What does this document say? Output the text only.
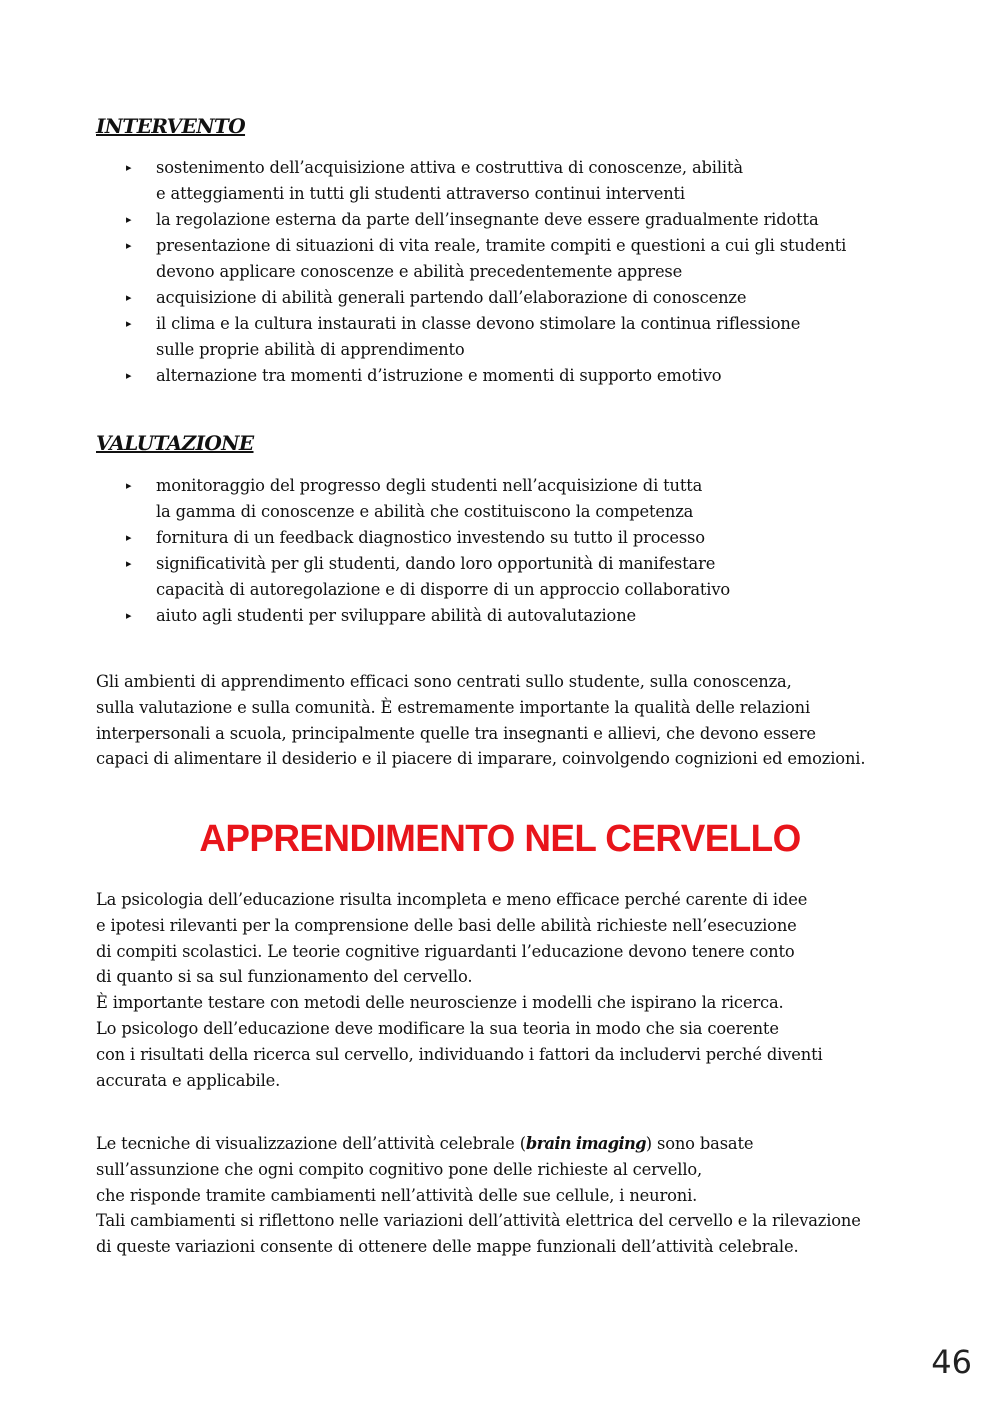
INTERVENTO
▸ sostenimento dell’acquisizione attiva e costruttiva di conoscenze, abilità
e atteggiamenti in tutti gli studenti attraverso continui interventi
▸ la regolazione esterna da parte dell’insegnante deve essere gradualmente ridotta
▸ presentazione di situazioni di vita reale, tramite compiti e questioni a cui gli studenti
devono applicare conoscenze e abilità precedentemente apprese
▸ acquisizione di abilità generali partendo dall’elaborazione di conoscenze
▸ il clima e la cultura instaurati in classe devono stimolare la continua riflessione
sulle proprie abilità di apprendimento
▸ alternazione tra momenti d’istruzione e momenti di supporto emotivo
VALUTAZIONE
▸ monitoraggio del progresso degli studenti nell’acquisizione di tutta
la gamma di conoscenze e abilità che costituiscono la competenza
▸ fornitura di un feedback diagnostico investendo su tutto il processo
▸ significatività per gli studenti, dando loro opportunità di manifestare
capacità di autoregolazione e di disporre di un approccio collaborativo
▸ aiuto agli studenti per sviluppare abilità di autovalutazione

Gli ambienti di apprendimento efficaci sono centrati sullo studente, sulla conoscenza,
sulla valutazione e sulla comunità. È estremamente importante la qualità delle relazioni
interpersonali a scuola, principalmente quelle tra insegnanti e allievi, che devono essere
capaci di alimentare il desiderio e il piacere di imparare, coinvolgendo cognizioni ed emozioni.

APPRENDIMENTO NEL CERVELLO

La psicologia dell’educazione risulta incompleta e meno efficace perché carente di idee
e ipotesi rilevanti per la comprensione delle basi delle abilità richieste nell’esecuzione
di compiti scolastici. Le teorie cognitive riguardanti l’educazione devono tenere conto
di quanto si sa sul funzionamento del cervello.
È importante testare con metodi delle neuroscienze i modelli che ispirano la ricerca.
Lo psicologo dell’educazione deve modificare la sua teoria in modo che sia coerente
con i risultati della ricerca sul cervello, individuando i fattori da includervi perché diventi
accurata e applicabile.

Le tecniche di visualizzazione dell’attività celebrale (brain imaging) sono basate
sull’assunzione che ogni compito cognitivo pone delle richieste al cervello,
che risponde tramite cambiamenti nell’attività delle sue cellule, i neuroni.
Tali cambiamenti si riflettono nelle variazioni dell’attività elettrica del cervello e la rilevazione
di queste variazioni consente di ottenere delle mappe funzionali dell’attività celebrale.

46
